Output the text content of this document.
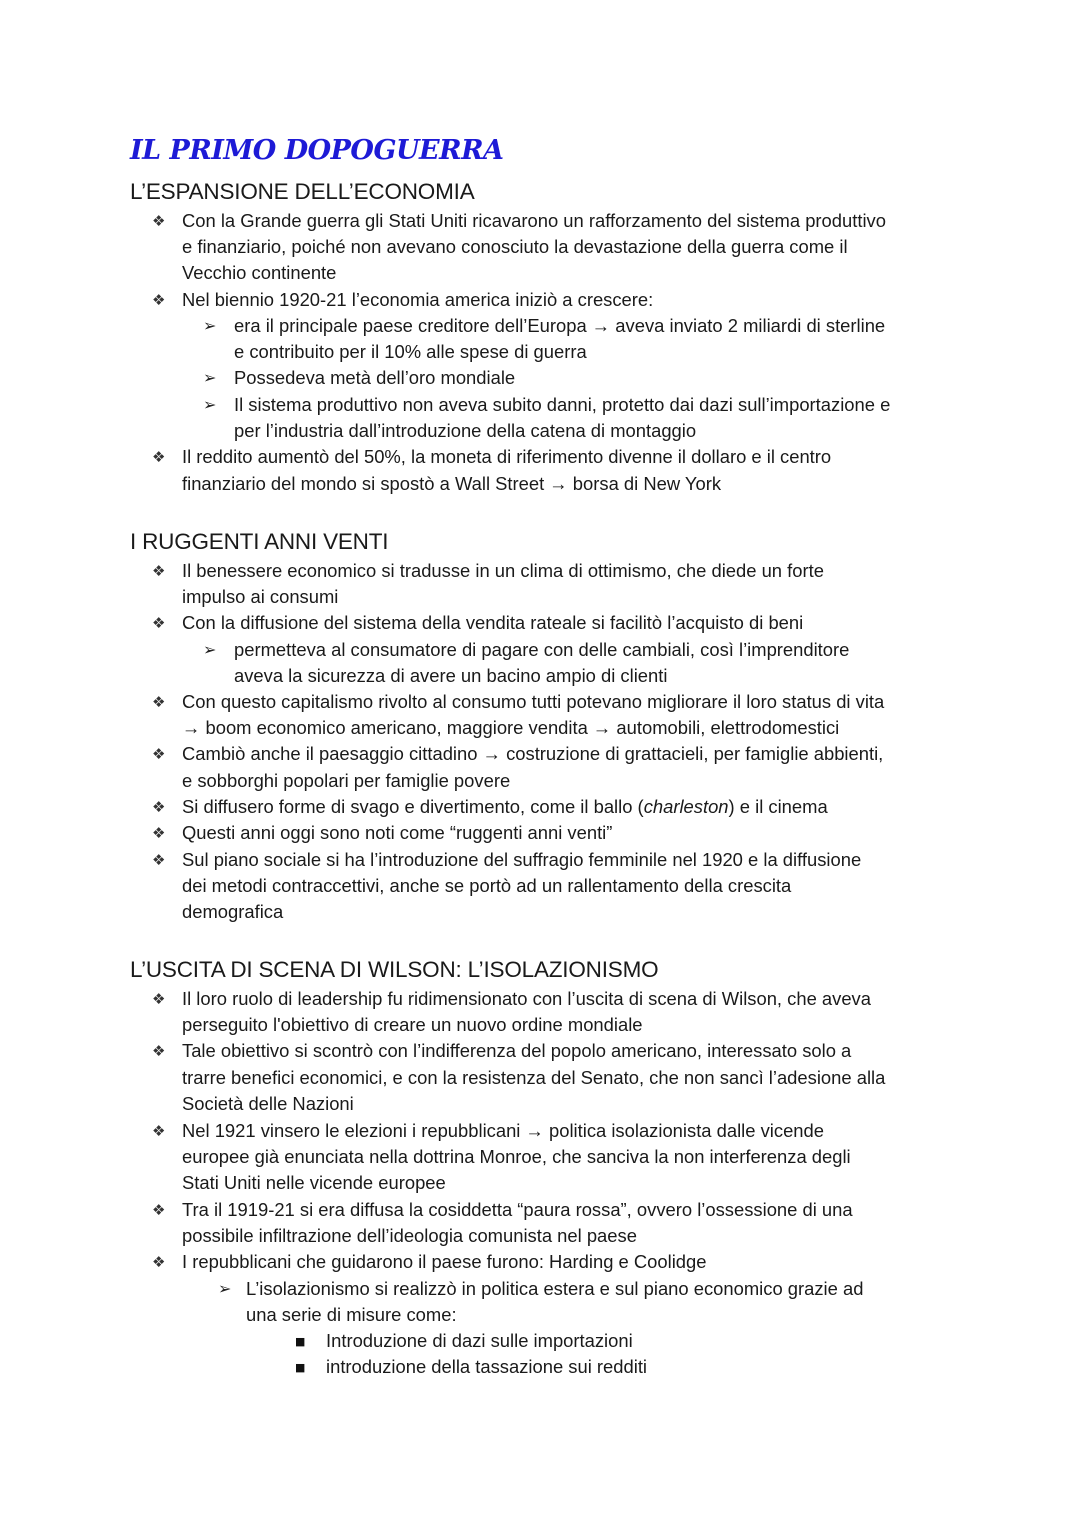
IL PRIMO DOPOGUERRA
L’ESPANSIONE DELL’ECONOMIA
❖ Con la Grande guerra gli Stati Uniti ricavarono un rafforzamento del sistema produttivo

e finanziario, poiché non avevano conosciuto la devastazione della guerra come il

Vecchio continente

❖ Nel biennio 1920-21 l’economia america iniziò a crescere:

➢ era il principale paese creditore dell’Europa → aveva inviato 2 miliardi di sterline

e contribuito per il 10% alle spese di guerra

➢ Possedeva metà dell’oro mondiale

➢ Il sistema produttivo non aveva subito danni, protetto dai dazi sull’importazione e

per l’industria dall’introduzione della catena di montaggio

❖ Il reddito aumentò del 50%, la moneta di riferimento divenne il dollaro e il centro

finanziario del mondo si spostò a Wall Street → borsa di New York

I RUGGENTI ANNI VENTI
❖ Il benessere economico si tradusse in un clima di ottimismo, che diede un forte

impulso ai consumi

❖ Con la diffusione del sistema della vendita rateale si facilitò l’acquisto di beni

➢ permetteva al consumatore di pagare con delle cambiali, così l’imprenditore

aveva la sicurezza di avere un bacino ampio di clienti

❖ Con questo capitalismo rivolto al consumo tutti potevano migliorare il loro status di vita

→ boom economico americano, maggiore vendita → automobili, elettrodomestici

❖ Cambiò anche il paesaggio cittadino → costruzione di grattacieli, per famiglie abbienti,

e sobborghi popolari per famiglie povere

❖ Si diffusero forme di svago e divertimento, come il ballo (charleston) e il cinema

❖ Questi anni oggi sono noti come “ruggenti anni venti”

❖ Sul piano sociale si ha l’introduzione del suffragio femminile nel 1920 e la diffusione

dei metodi contraccettivi, anche se portò ad un rallentamento della crescita

demografica

L’USCITA DI SCENA DI WILSON: L’ISOLAZIONISMO
❖ Il loro ruolo di leadership fu ridimensionato con l’uscita di scena di Wilson, che aveva

perseguito l'obiettivo di creare un nuovo ordine mondiale

❖ Tale obiettivo si scontrò con l’indifferenza del popolo americano, interessato solo a

trarre benefici economici, e con la resistenza del Senato, che non sancì l’adesione alla

Società delle Nazioni

❖ Nel 1921 vinsero le elezioni i repubblicani → politica isolazionista dalle vicende

europee già enunciata nella dottrina Monroe, che sanciva la non interferenza degli

Stati Uniti nelle vicende europee

❖ Tra il 1919-21 si era diffusa la cosiddetta “paura rossa”, ovvero l’ossessione di una

possibile infiltrazione dell’ideologia comunista nel paese

❖ I repubblicani che guidarono il paese furono: Harding e Coolidge

➢ L’isolazionismo si realizzò in politica estera e sul piano economico grazie ad

una serie di misure come:

■ Introduzione di dazi sulle importazioni

■ introduzione della tassazione sui redditi
